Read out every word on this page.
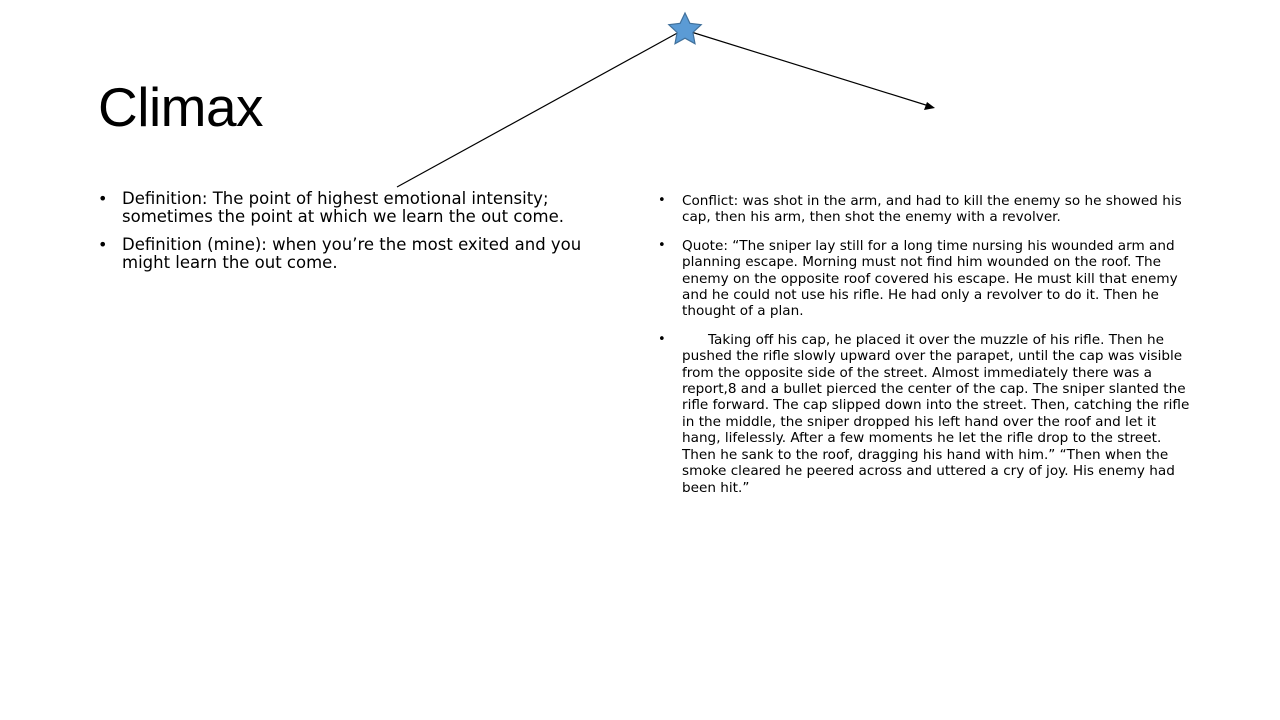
Climax
• Definition: The point of highest emotional intensity; sometimes the point at which we learn the out come.
• Definition (mine): when you’re the most exited and you might learn the out come.
• Conflict: was shot in the arm, and had to kill the enemy so he showed his cap, then his arm, then shot the enemy with a revolver.
• Quote: “The sniper lay still for a long time nursing his wounded arm and planning escape. Morning must not find him wounded on the roof. The enemy on the opposite roof covered his escape. He must kill that enemy and he could not use his rifle. He had only a revolver to do it. Then he thought of a plan.
•	Taking off his cap, he placed it over the muzzle of his rifle. Then he pushed the rifle slowly upward over the parapet, until the cap was visible from the opposite side of the street. Almost immediately there was a report,8 and a bullet pierced the center of the cap. The sniper slanted the rifle forward. The cap slipped down into the street. Then, catching the rifle in the middle, the sniper dropped his left hand over the roof and let it hang, lifelessly. After a few moments he let the rifle drop to the street. Then he sank to the roof, dragging his hand with him.” “Then when the smoke cleared he peered across and uttered a cry of joy. His enemy had been hit.”
